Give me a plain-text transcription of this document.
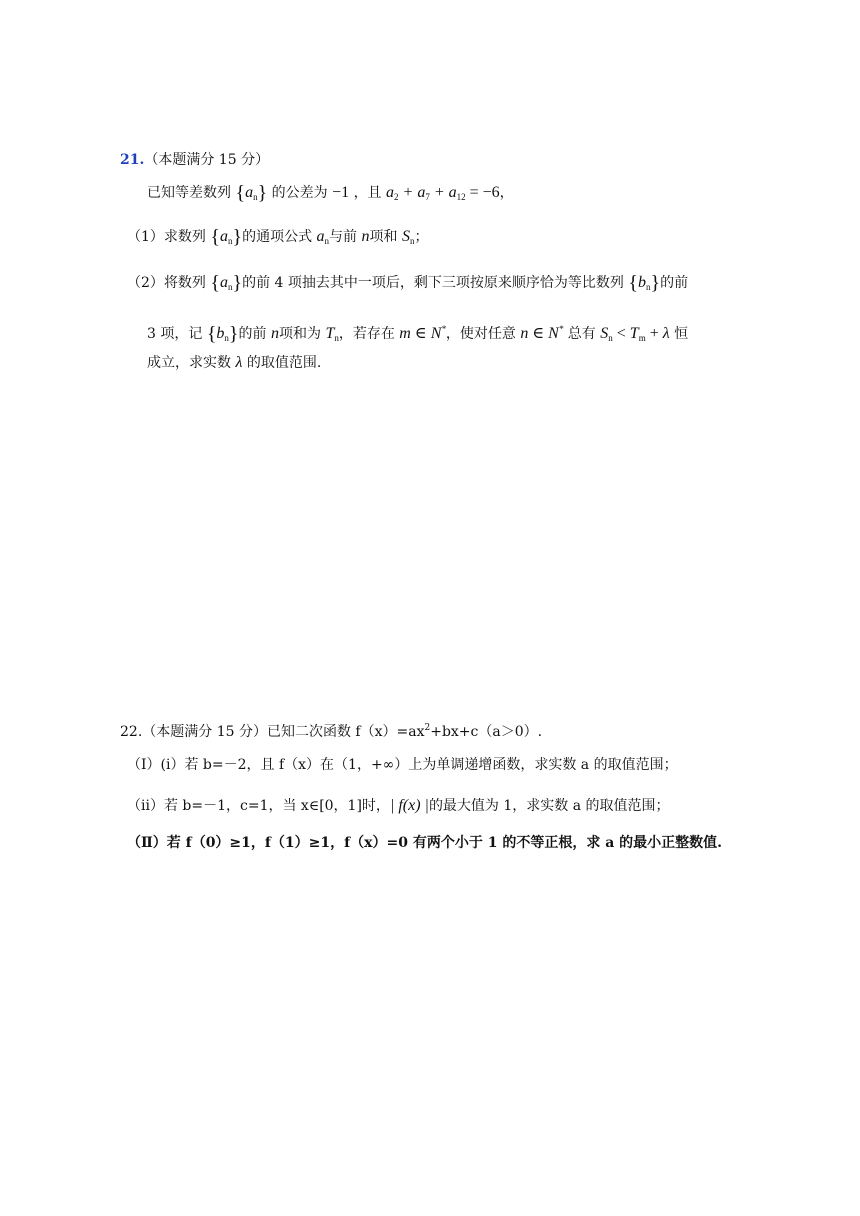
21.（本题满分 15 分）
已知等差数列 $\{a_n\}$ 的公差为 −1 ，且 $a_2 + a_7 + a_{12} = -6$，
（1）求数列 $\{a_n\}$的通项公式 $a_n$与前 n项和 $S_n$；
（2）将数列 $\{a_n\}$的前 4 项抽去其中一项后，剩下三项按原来顺序恰为等比数列 $\{b_n\}$的前
3 项，记 $\{b_n\}$的前 n项和为 $T_n$，若存在 m ∈ N*，使对任意 n ∈ N* 总有 $S_n < T_m + \lambda$ 恒
成立，求实数 λ 的取值范围.
22.（本题满分 15 分）已知二次函数 $f(x)=ax^2+bx+c(a>0)$.
（Ⅰ）(i）若 b=－2，且 f（x）在（1，+∞）上为单调递增函数，求实数 a 的取值范围；
（ii）若 b=－1，c=1，当 x∈[0，1]时，| f(x) |的最大值为 1，求实数 a 的取值范围；
（Ⅱ）若 f（0）≥1，f（1）≥1，f（x）=0 有两个小于 1 的不等正根，求 a 的最小正整数值.
